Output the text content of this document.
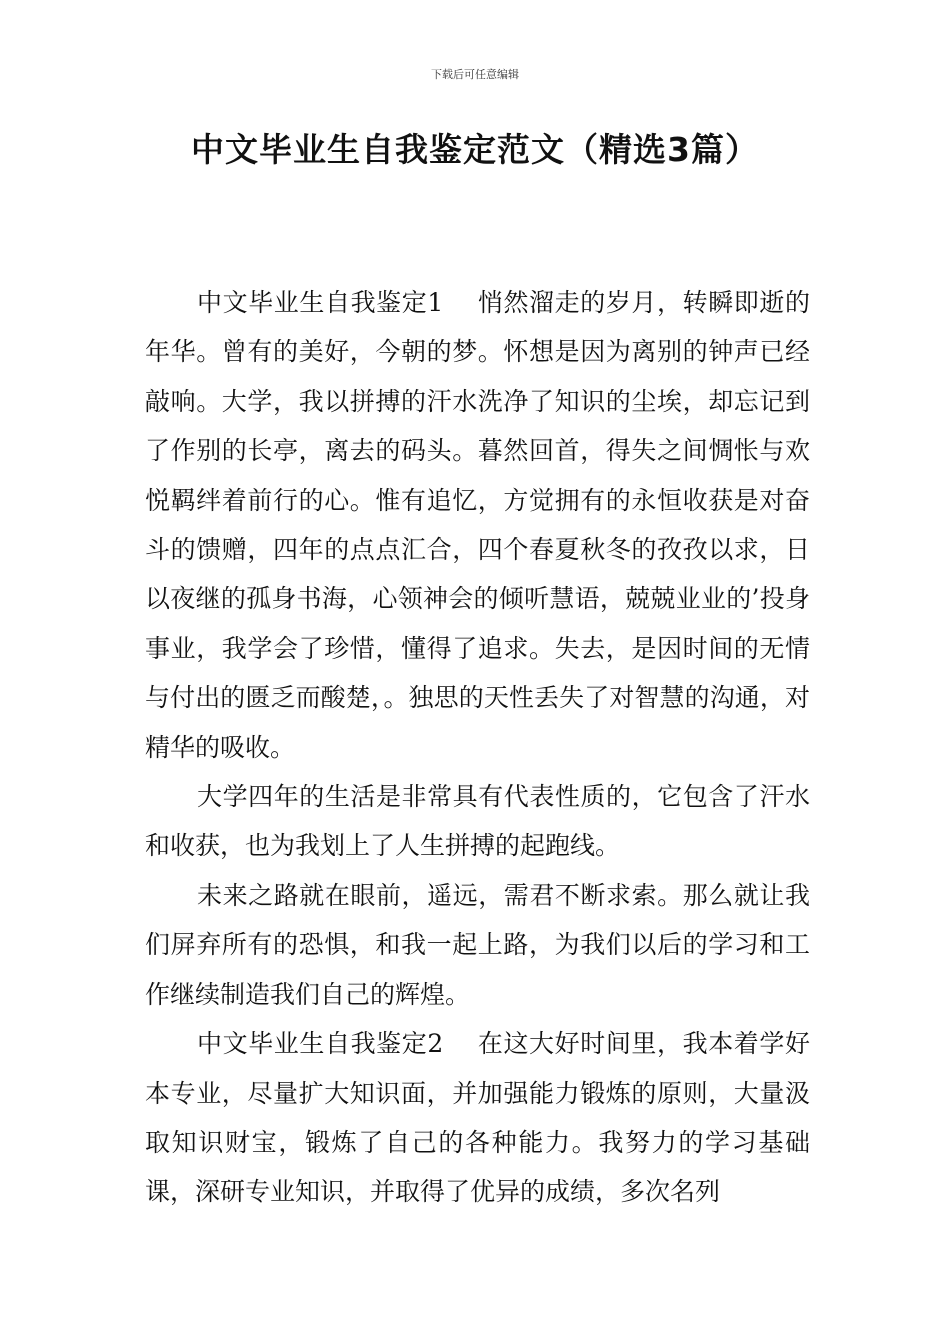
下载后可任意编辑
中文毕业生自我鉴定范文（精选3篇）

中文毕业生自我鉴定1 悄然溜走的岁月，转瞬即逝的年华。曾有的美好，今朝的梦。怀想是因为离别的钟声已经敲响。大学，我以拼搏的汗水洗净了知识的尘埃，却忘记到了作别的长亭，离去的码头。暮然回首，得失之间惆怅与欢悦羁绊着前行的心。惟有追忆，方觉拥有的永恒收获是对奋斗的馈赠，四年的点点汇合，四个春夏秋冬的孜孜以求，日以夜继的孤身书海，心领神会的倾听慧语，兢兢业业的’投身事业，我学会了珍惜，懂得了追求。失去，是因时间的无情与付出的匮乏而酸楚，。独思的天性丢失了对智慧的沟通，对精华的吸收。

大学四年的生活是非常具有代表性质的，它包含了汗水和收获，也为我划上了人生拼搏的起跑线。

未来之路就在眼前，遥远，需君不断求索。那么就让我们屏弃所有的恐惧，和我一起上路，为我们以后的学习和工作继续制造我们自己的辉煌。

中文毕业生自我鉴定2 在这大好时间里，我本着学好本专业，尽量扩大知识面，并加强能力锻炼的原则，大量汲取知识财宝，锻炼了自己的各种能力。我努力的学习基础课，深研专业知识，并取得了优异的成绩，多次名列
